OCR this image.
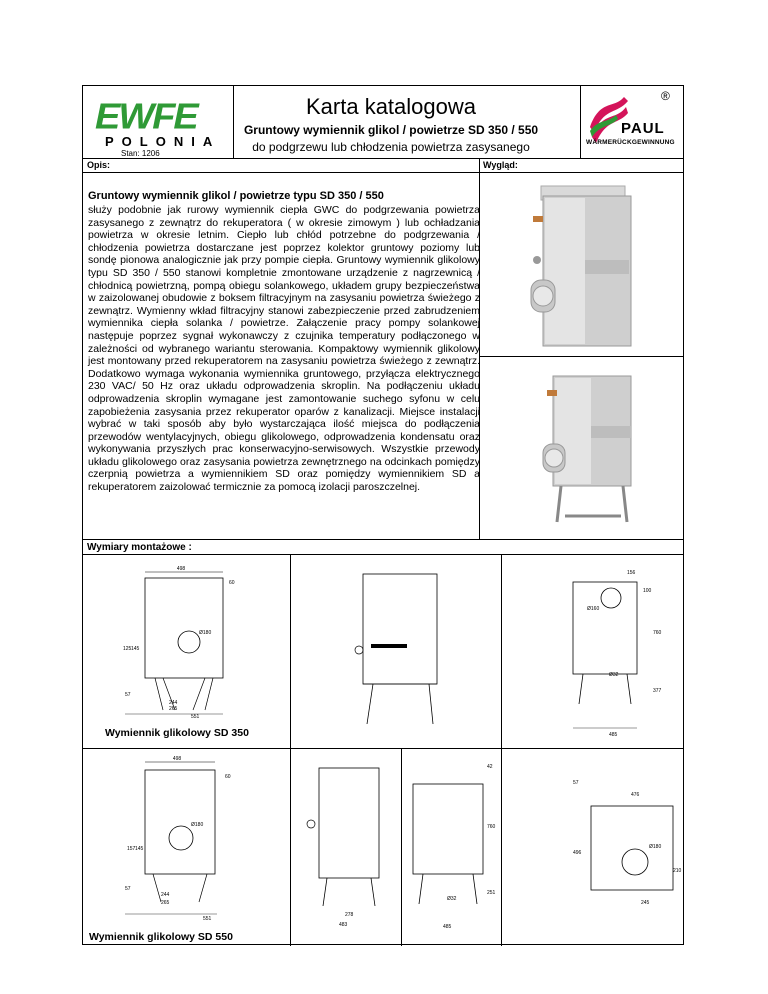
EWFE
POLONIA
Stan: 1206
Karta katalogowa
Gruntowy wymiennik glikol / powietrze SD 350 / 550
do podgrzewu lub chłodzenia powietrza zasysanego
®
PAUL
WÄRMERÜCKGEWINNUNG
Opis:	Wygląd:
Gruntowy wymiennik glikol / powietrze typu SD 350 / 550
służy podobnie jak rurowy wymiennik ciepła GWC do podgrzewania powietrza zasysanego z zewnątrz do rekuperatora ( w okresie zimowym ) lub ochładzania powietrza w okresie letnim. Ciepło lub chłód potrzebne do podgrzewania / chłodzenia powietrza dostarczane jest poprzez kolektor gruntowy poziomy lub sondę pionowa analogicznie jak przy pompie ciepła. Gruntowy wymiennik glikolowy typu SD 350 / 550 stanowi kompletnie zmontowane urządzenie z nagrzewnicą / chłodnicą powietrzną, pompą obiegu solankowego, układem grupy bezpieczeństwa w zaizolowanej obudowie z boksem filtracyjnym na zasysaniu powietrza świeżego z zewnątrz. Wymienny wkład filtracyjny stanowi zabezpieczenie przed zabrudzeniem wymiennika ciepła solanka / powietrze. Załączenie pracy pompy solankowej następuje poprzez sygnał wykonawczy z czujnika temperatury podłączonego w zależności od wybranego wariantu sterowania. Kompaktowy wymiennik glikolowy jest montowany przed rekuperatorem na zasysaniu powietrza świeżego z zewnątrz. Dodatkowo wymaga wykonania wymiennika gruntowego, przyłącza elektrycznego 230 VAC/ 50 Hz oraz układu odprowadzenia skroplin. Na podłączeniu układu odprowadzenia skroplin wymagane jest zamontowanie suchego syfonu w celu zapobieżenia zasysania przez rekuperator oparów z kanalizacji. Miejsce instalacji wybrać w taki sposób aby było wystarczająca ilość miejsca do podłączenia przewodów wentylacyjnych, obiegu glikolowego, odprowadzenia kondensatu oraz wykonywania przyszłych prac konserwacyjno-serwisowych. Wszystkie przewody układu glikolowego oraz zasysania powietrza zewnętrznego na odcinkach pomiędzy czerpnią powietrza a wymiennikiem SD oraz pomiędzy wymiennikiem SD a rekuperatorem zaizolować termicznie za pomocą izolacji paroszczelnej.
Wymiary montażowe :
498
Ø180
60
125 145
57
244
265
551
Wymiennik glikolowy SD 350
156
100
Ø160
760
Ø32
377
485
498
60
Ø180
157 145
57
244
265
551
Wymiennik glikolowy SD 550
278
483
42
760
251
Ø32
485
57
476
496
Ø180
210
245
